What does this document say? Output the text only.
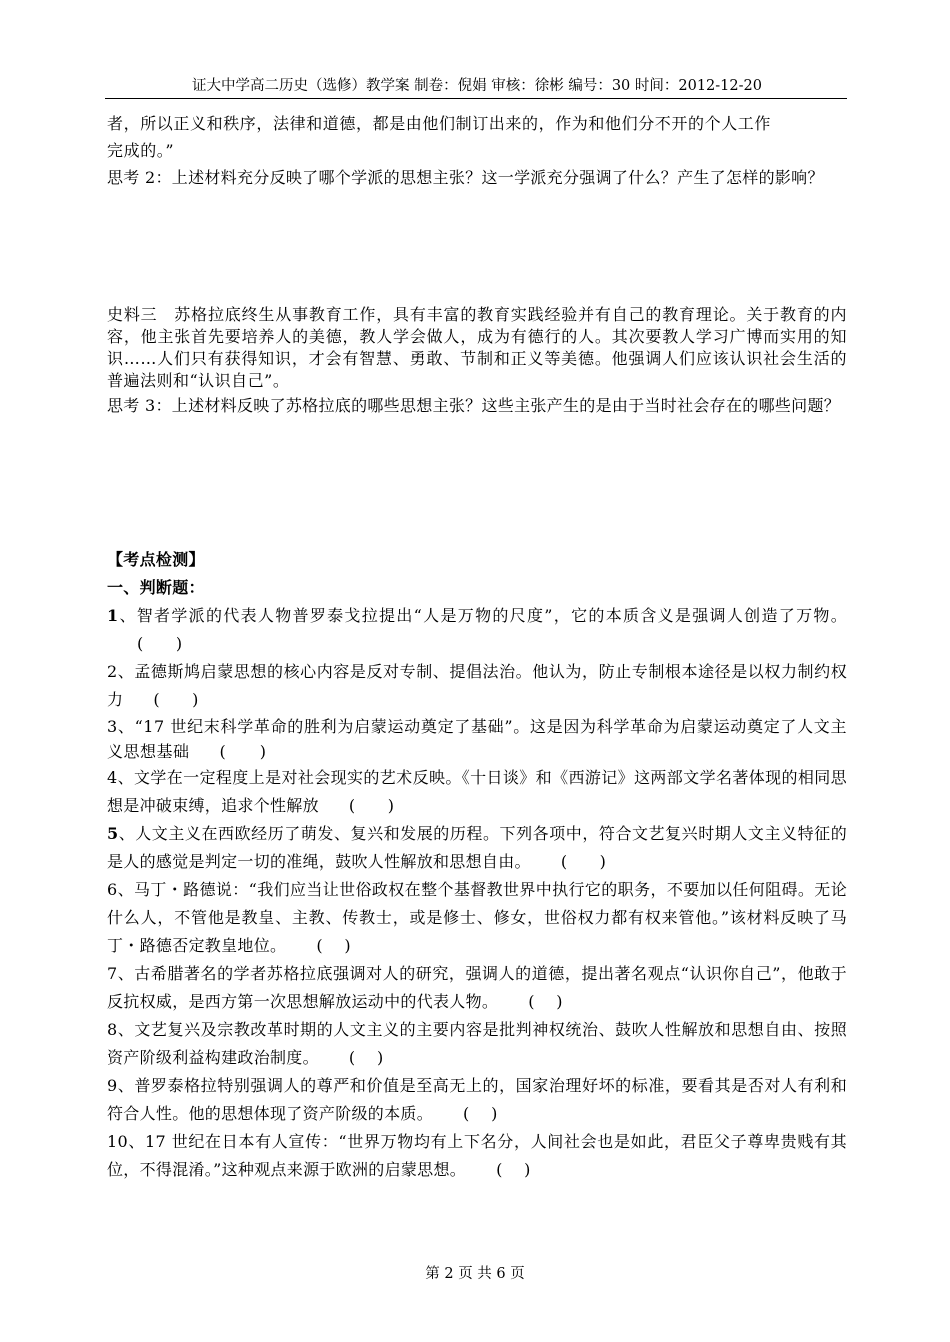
证大中学高二历史（选修）教学案 制卷：倪娟 审核：徐彬 编号：30 时间：2012-12-20

者，所以正义和秩序，法律和道德，都是由他们制订出来的，作为和他们分不开的个人工作

完成的。”

思考 2：上述材料充分反映了哪个学派的思想主张？这一学派充分强调了什么？产生了怎样的影响？

史料三　苏格拉底终生从事教育工作，具有丰富的教育实践经验并有自己的教育理论。关于教育的内容，他主张首先要培养人的美德，教人学会做人，成为有德行的人。其次要教人学习广博而实用的知识……人们只有获得知识，才会有智慧、勇敢、节制和正义等美德。他强调人们应该认识社会生活的普遍法则和“认识自己”。

思考 3：上述材料反映了苏格拉底的哪些思想主张？这些主张产生的是由于当时社会存在的哪些问题？

【考点检测】

一、判断题：

1、智者学派的代表人物普罗泰戈拉提出“人是万物的尺度”，它的本质含义是强调人创造了万物。(      )

2、孟德斯鸠启蒙思想的核心内容是反对专制、提倡法治。他认为，防止专制根本途径是以权力制约权力 (      )

3、“17 世纪末科学革命的胜利为启蒙运动奠定了基础”。这是因为科学革命为启蒙运动奠定了人文主义思想基础 (      )

4、文学在一定程度上是对社会现实的艺术反映。《十日谈》和《西游记》这两部文学名著体现的相同思想是冲破束缚，追求个性解放 (      )

5、人文主义在西欧经历了萌发、复兴和发展的历程。下列各项中，符合文艺复兴时期人文主义特征的是人的感觉是判定一切的准绳，鼓吹人性解放和思想自由。 (      )

6、马丁・路德说：“我们应当让世俗政权在整个基督教世界中执行它的职务，不要加以任何阻碍。无论什么人，不管他是教皇、主教、传教士，或是修士、修女，世俗权力都有权来管他。”该材料反映了马丁・路德否定教皇地位。 (    )

7、古希腊著名的学者苏格拉底强调对人的研究，强调人的道德，提出著名观点“认识你自己”，他敢于反抗权威，是西方第一次思想解放运动中的代表人物。 (    )

8、文艺复兴及宗教改革时期的人文主义的主要内容是批判神权统治、鼓吹人性解放和思想自由、按照资产阶级利益构建政治制度。 (    )

9、普罗泰格拉特别强调人的尊严和价值是至高无上的，国家治理好坏的标准，要看其是否对人有利和符合人性。他的思想体现了资产阶级的本质。 (    )

10、17 世纪在日本有人宣传：“世界万物均有上下名分，人间社会也是如此，君臣父子尊卑贵贱有其位，不得混淆。”这种观点来源于欧洲的启蒙思想。 (    )

第 2 页 共 6 页
